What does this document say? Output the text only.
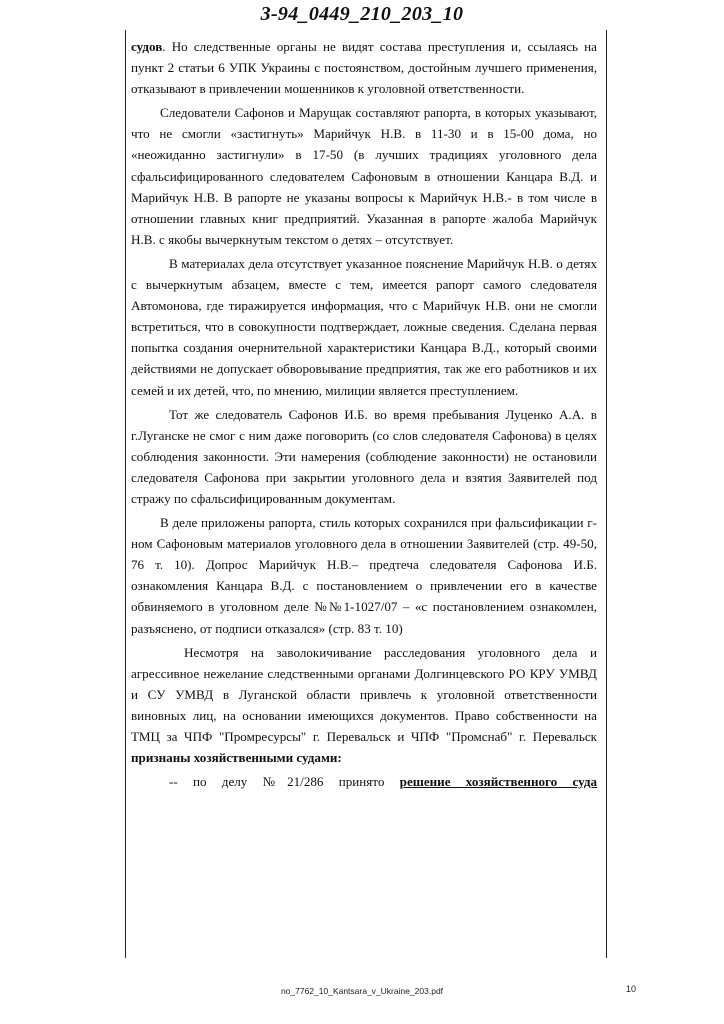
3-94_0449_210_203_10

судов. Но следственные органы не видят состава преступления и, ссылаясь на пункт 2 статьи 6 УПК Украины с постоянством, достойным лучшего применения, отказывают в привлечении мошенников к уголовной ответственности.

Следователи Сафонов и Марущак составляют рапорта, в которых указывают, что не смогли «застигнуть» Марийчук Н.В. в 11-30 и в 15-00 дома, но «неожиданно застигнули» в 17-50 (в лучших традициях уголовного дела сфальсифицированного следователем Сафоновым в отношении Канцара В.Д. и Марийчук Н.В. В рапорте не указаны вопросы к Марийчук Н.В.- в том числе в отношении главных книг предприятий. Указанная в рапорте жалоба Марийчук Н.В. с якобы вычеркнутым текстом о детях – отсутствует.

В материалах дела отсутствует указанное пояснение Марийчук Н.В. о детях с вычеркнутым абзацем, вместе с тем, имеется рапорт самого следователя Автомонова, где тиражируется информация, что с Марийчук Н.В. они не смогли встретиться, что в совокупности подтверждает, ложные сведения. Сделана первая попытка создания очернительной характеристики Канцара В.Д., который своими действиями не допускает обворовывание предприятия, так же его работников и их семей и их детей, что, по мнению, милиции является преступлением.

Тот же следователь Сафонов И.Б. во время пребывания Луценко А.А. в г.Луганске не смог с ним даже поговорить (со слов следователя Сафонова) в целях соблюдения законности. Эти намерения (соблюдение законности) не остановили следователя Сафонова при закрытии уголовного дела и взятия Заявителей под стражу по сфальсифицированным документам.

В деле приложены рапорта, стиль которых сохранился при фальсификации г-ном Сафоновым материалов уголовного дела в отношении Заявителей (стр. 49-50, 76 т. 10). Допрос Марийчук Н.В.– предтеча следователя Сафонова И.Б. ознакомления Канцара В.Д. с постановлением о привлечении его в качестве обвиняемого в уголовном деле №№1-1027/07 – «с постановлением ознакомлен, разъяснено, от подписи отказался» (стр. 83 т. 10)

Несмотря на заволокичивание расследования уголовного дела и агрессивное нежелание следственными органами Долгинцевского РО КРУ УМВД и СУ УМВД в Луганской области привлечь к уголовной ответственности виновных лиц, на основании имеющихся документов. Право собственности на ТМЦ за ЧПФ "Промресурсы" г. Перевальск и ЧПФ "Промснаб" г. Перевальск признаны хозяйственными судами:

-- по делу №21/286 принято решение хозяйственного суда

no_7762_10_Kantsara_v_Ukraine_203.pdf	10
